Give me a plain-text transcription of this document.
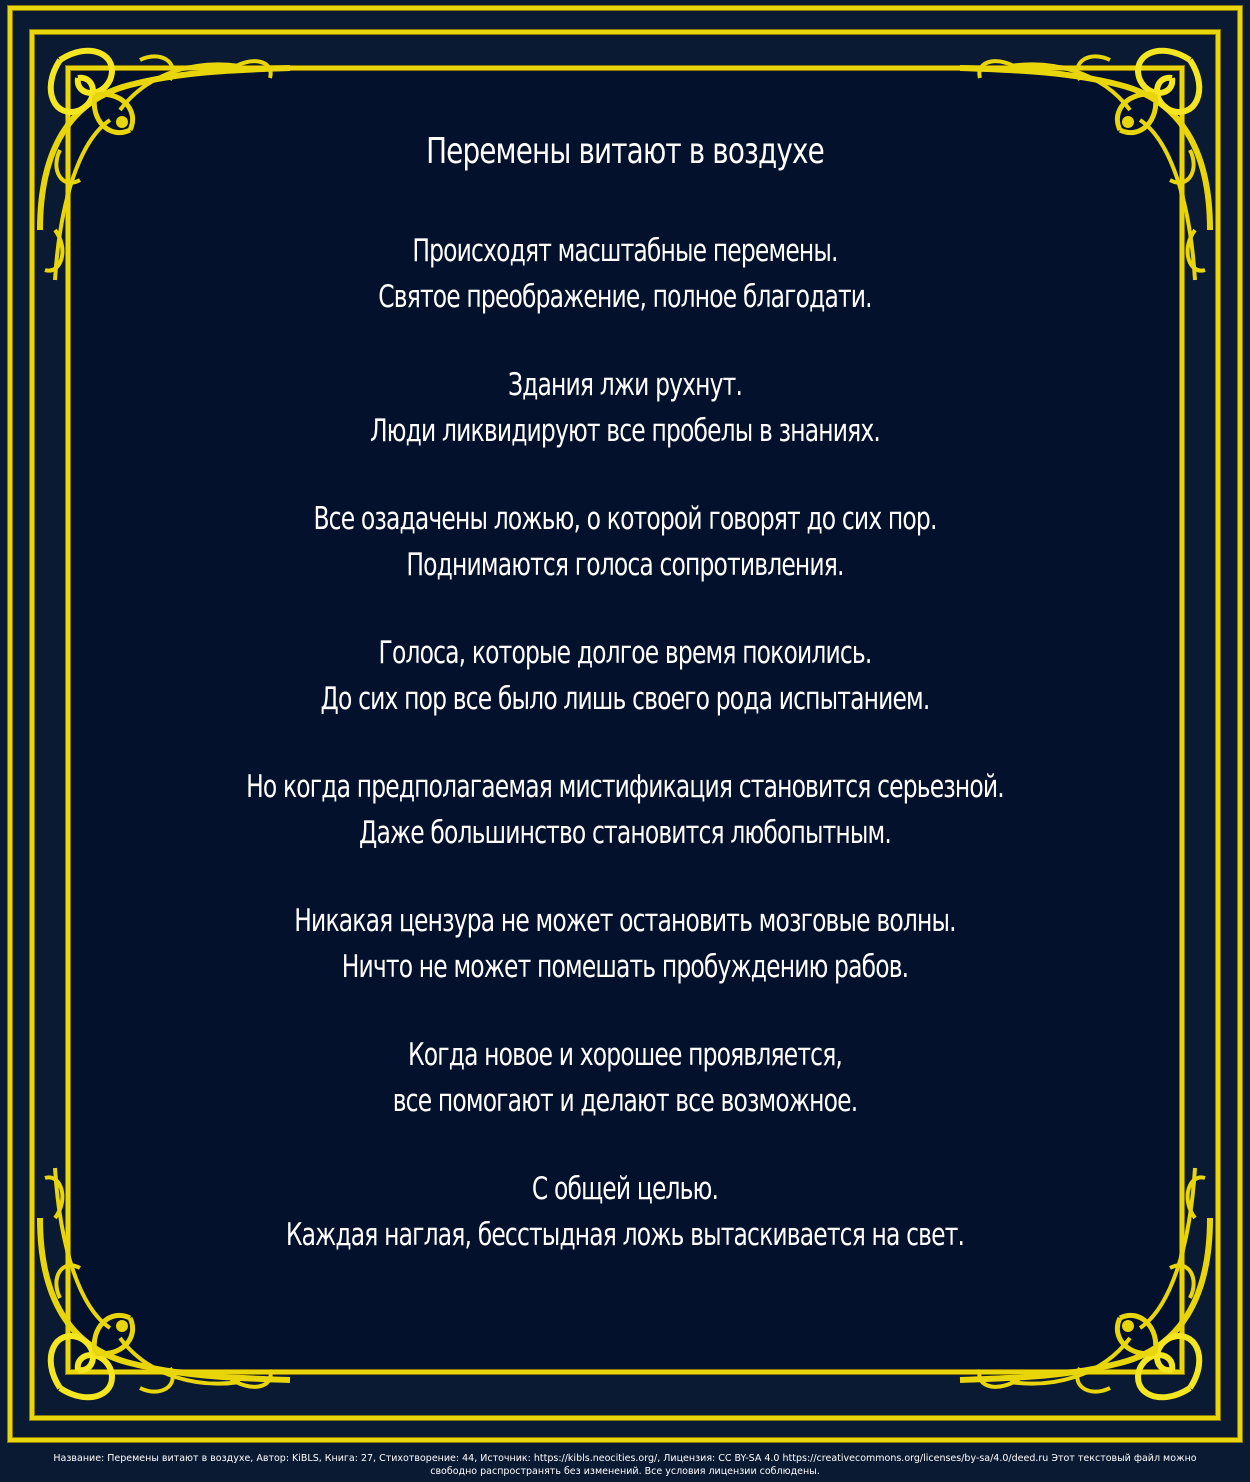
Перемены витают в воздухе
Происходят масштабные перемены.
Святое преображение, полное благодати.
Здания лжи рухнут.
Люди ликвидируют все пробелы в знаниях.
Все озадачены ложью, о которой говорят до сих пор.
Поднимаются голоса сопротивления.
Голоса, которые долгое время покоились.
До сих пор все было лишь своего рода испытанием.
Но когда предполагаемая мистификация становится серьезной.
Даже большинство становится любопытным.
Никакая цензура не может остановить мозговые волны.
Ничто не может помешать пробуждению рабов.
Когда новое и хорошее проявляется,
все помогают и делают все возможное.
С общей целью.
Каждая наглая, бесстыдная ложь вытаскивается на свет.
Название: Перемены витают в воздухе, Автор: KiBLS, Книга: 27, Стихотворение: 44, Источник: https://kibls.neocities.org/, Лицензия: CC BY-SA 4.0 https://creativecommons.org/licenses/by-sa/4.0/deed.ru Этот текстовый файл можно
свободно распространять без изменений. Все условия лицензии соблюдены.
